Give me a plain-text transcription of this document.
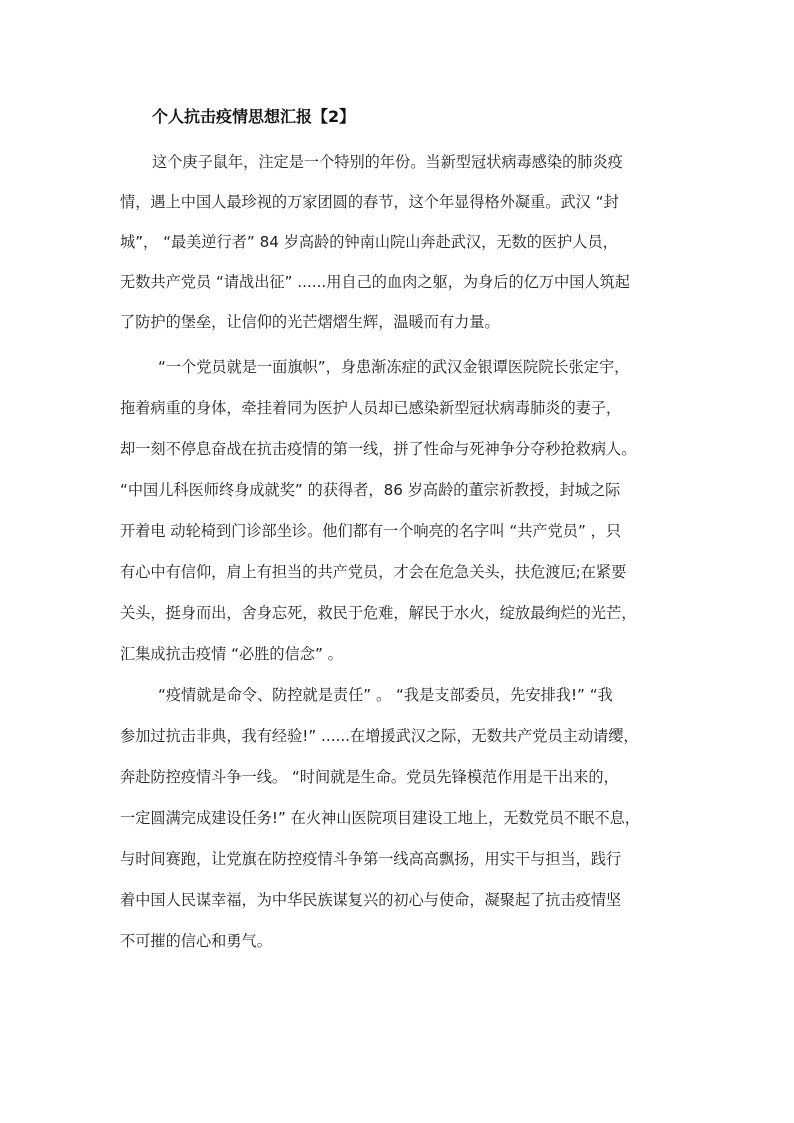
个人抗击疫情思想汇报【2】
这个庚子鼠年，注定是一个特别的年份。当新型冠状病毒感染的肺炎疫
情，遇上中国人最珍视的万家团圆的春节，这个年显得格外凝重。武汉 “封
城”， “最美逆行者” 84 岁高龄的钟南山院山奔赴武汉，无数的医护人员，
无数共产党员 “请战出征” ......用自己的血肉之躯，为身后的亿万中国人筑起
了防护的堡垒，让信仰的光芒熠熠生辉，温暖而有力量。
“一个党员就是一面旗帜”，身患渐冻症的武汉金银谭医院院长张定宇，
拖着病重的身体，牵挂着同为医护人员却已感染新型冠状病毒肺炎的妻子，
却一刻不停息奋战在抗击疫情的第一线，拼了性命与死神争分夺秒抢救病人。
“中国儿科医师终身成就奖” 的获得者，86 岁高龄的董宗祈教授，封城之际
开着电 动轮椅到门诊部坐诊。他们都有一个响亮的名字叫 “共产党员” ，只
有心中有信仰，肩上有担当的共产党员，才会在危急关头，扶危渡厄;在紧要
关头，挺身而出，舍身忘死，救民于危难，解民于水火，绽放最绚烂的光芒，
汇集成抗击疫情 “必胜的信念” 。
“疫情就是命令、防控就是责任” 。 “我是支部委员，先安排我!” “我
参加过抗击非典，我有经验!” ......在增援武汉之际，无数共产党员主动请缨，
奔赴防控疫情斗争一线。 “时间就是生命。党员先锋模范作用是干出来的，
一定圆满完成建设任务!” 在火神山医院项目建设工地上，无数党员不眠不息，
与时间赛跑，让党旗在防控疫情斗争第一线高高飘扬，用实干与担当，践行
着中国人民谋幸福，为中华民族谋复兴的初心与使命，凝聚起了抗击疫情坚
不可摧的信心和勇气。
